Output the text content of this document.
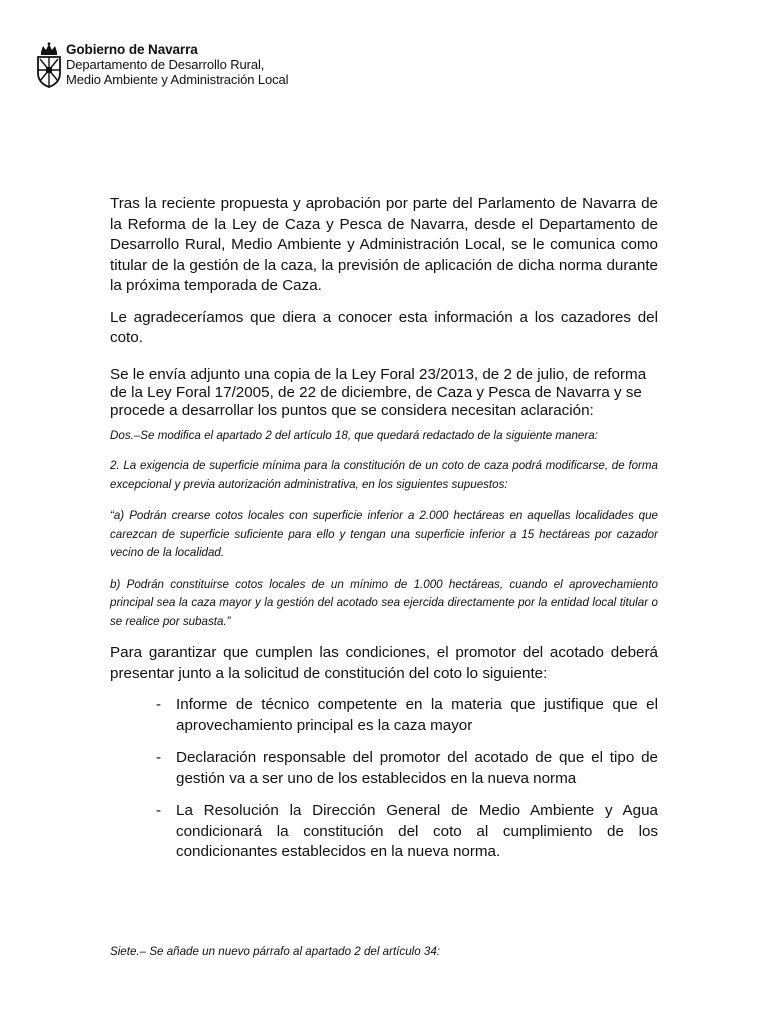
Gobierno de Navarra
Departamento de Desarrollo Rural,
Medio Ambiente y Administración Local

Tras la reciente propuesta y aprobación por parte del Parlamento de Navarra de la Reforma de la Ley de Caza y Pesca de Navarra, desde el Departamento de Desarrollo Rural, Medio Ambiente y Administración Local, se le comunica como titular de la gestión de la caza, la previsión de aplicación de dicha norma durante la próxima temporada de Caza.

Le agradeceríamos que diera a conocer esta información a los cazadores del coto.

Se le envía adjunto una copia de la Ley Foral 23/2013, de 2 de julio, de reforma de la Ley Foral 17/2005, de 22 de diciembre, de Caza y Pesca de Navarra y se procede a desarrollar los puntos que se considera necesitan aclaración:

Dos.–Se modifica el apartado 2 del artículo 18, que quedará redactado de la siguiente manera:

2. La exigencia de superficie mínima para la constitución de un coto de caza podrá modificarse, de forma excepcional y previa autorización administrativa, en los siguientes supuestos:

“a) Podrán crearse cotos locales con superficie inferior a 2.000 hectáreas en aquellas localidades que carezcan de superficie suficiente para ello y tengan una superficie inferior a 15 hectáreas por cazador vecino de la localidad.

b) Podrán constituirse cotos locales de un mínimo de 1.000 hectáreas, cuando el aprovechamiento principal sea la caza mayor y la gestión del acotado sea ejercida directamente por la entidad local titular o se realice por subasta.”

Para garantizar que cumplen las condiciones, el promotor del acotado deberá presentar junto a la solicitud de constitución del coto lo siguiente:

- Informe de técnico competente en la materia que justifique que el aprovechamiento principal es la caza mayor
- Declaración responsable del promotor del acotado de que el tipo de gestión va a ser uno de los establecidos en la nueva norma
- La Resolución la Dirección General de Medio Ambiente y Agua condicionará la constitución del coto al cumplimiento de los condicionantes establecidos en la nueva norma.

Siete.– Se añade un nuevo párrafo al apartado 2 del artículo 34:
